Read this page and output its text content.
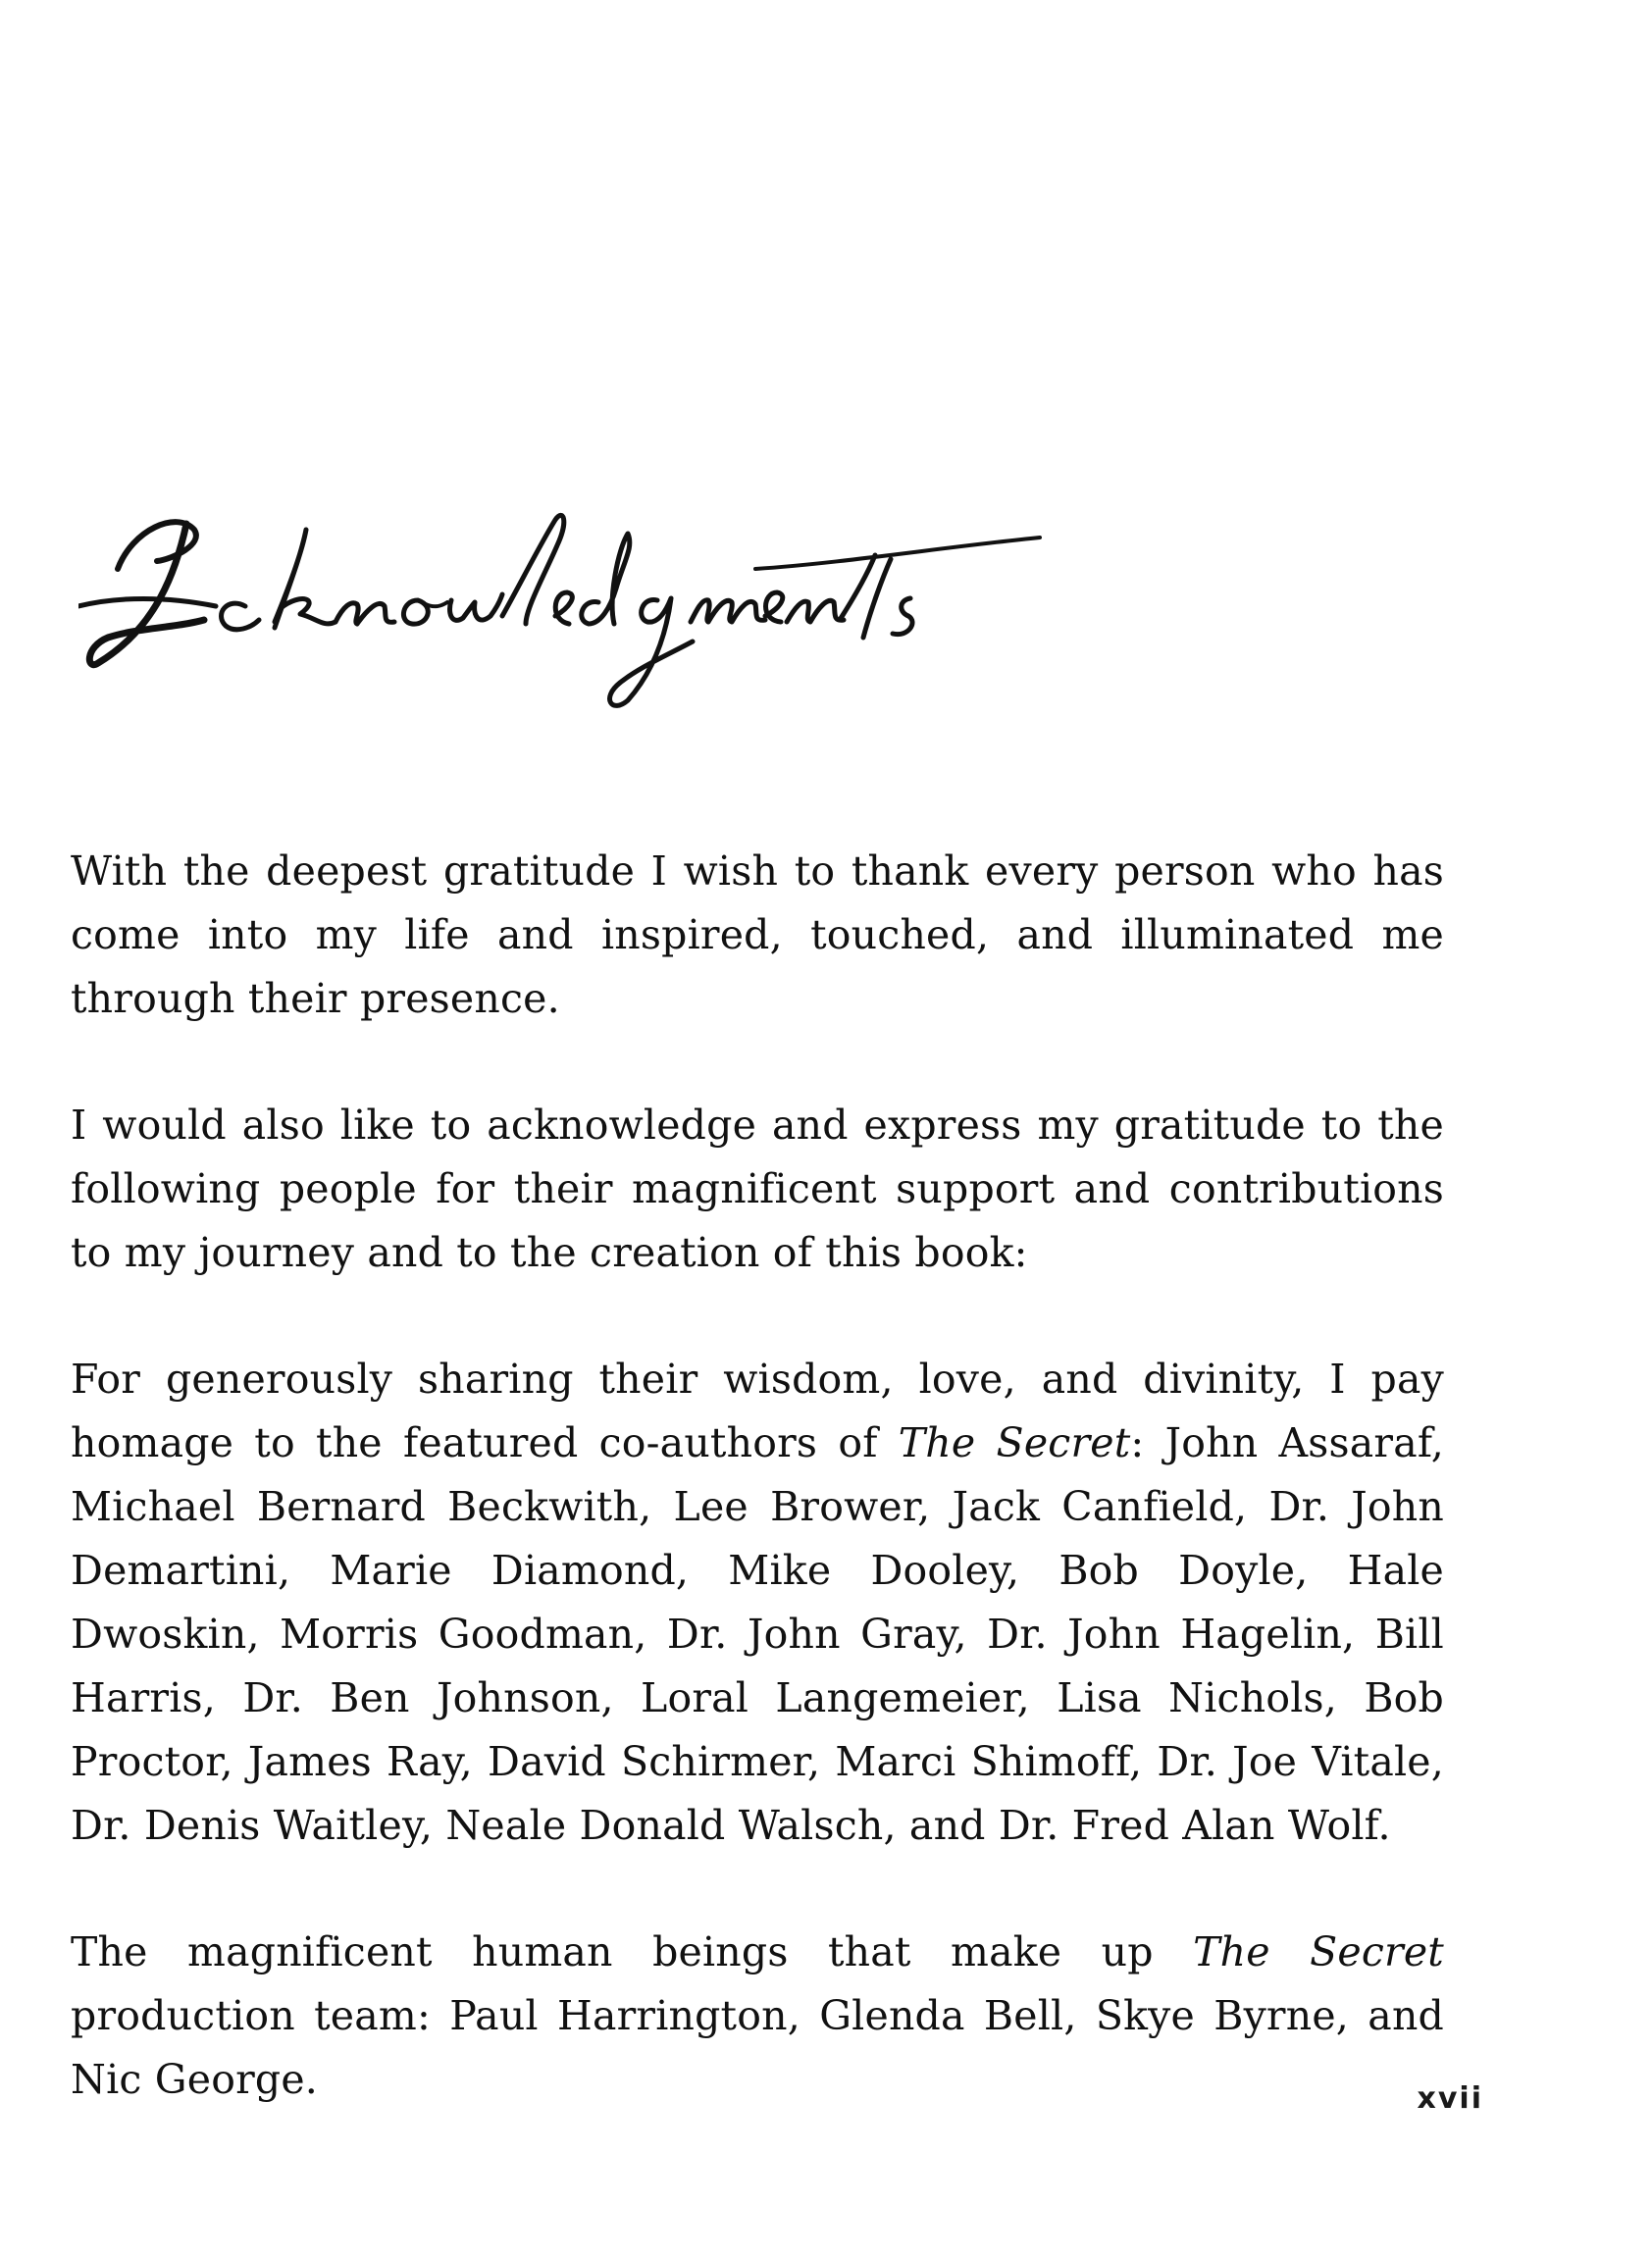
With the deepest gratitude I wish to thank every person who has come into my life and inspired, touched, and illuminated me through their presence.

I would also like to acknowledge and express my gratitude to the following people for their magnificent support and contributions to my journey and to the creation of this book:

For generously sharing their wisdom, love, and divinity, I pay homage to the featured co-authors of The Secret: John Assaraf, Michael Bernard Beckwith, Lee Brower, Jack Canfield, Dr. John Demartini, Marie Diamond, Mike Dooley, Bob Doyle, Hale Dwoskin, Morris Goodman, Dr. John Gray, Dr. John Hagelin, Bill Harris, Dr. Ben Johnson, Loral Langemeier, Lisa Nichols, Bob Proctor, James Ray, David Schirmer, Marci Shimoff, Dr. Joe Vitale, Dr. Denis Waitley, Neale Donald Walsch, and Dr. Fred Alan Wolf.

The magnificent human beings that make up The Secret production team: Paul Harrington, Glenda Bell, Skye Byrne, and Nic George.	xvii
